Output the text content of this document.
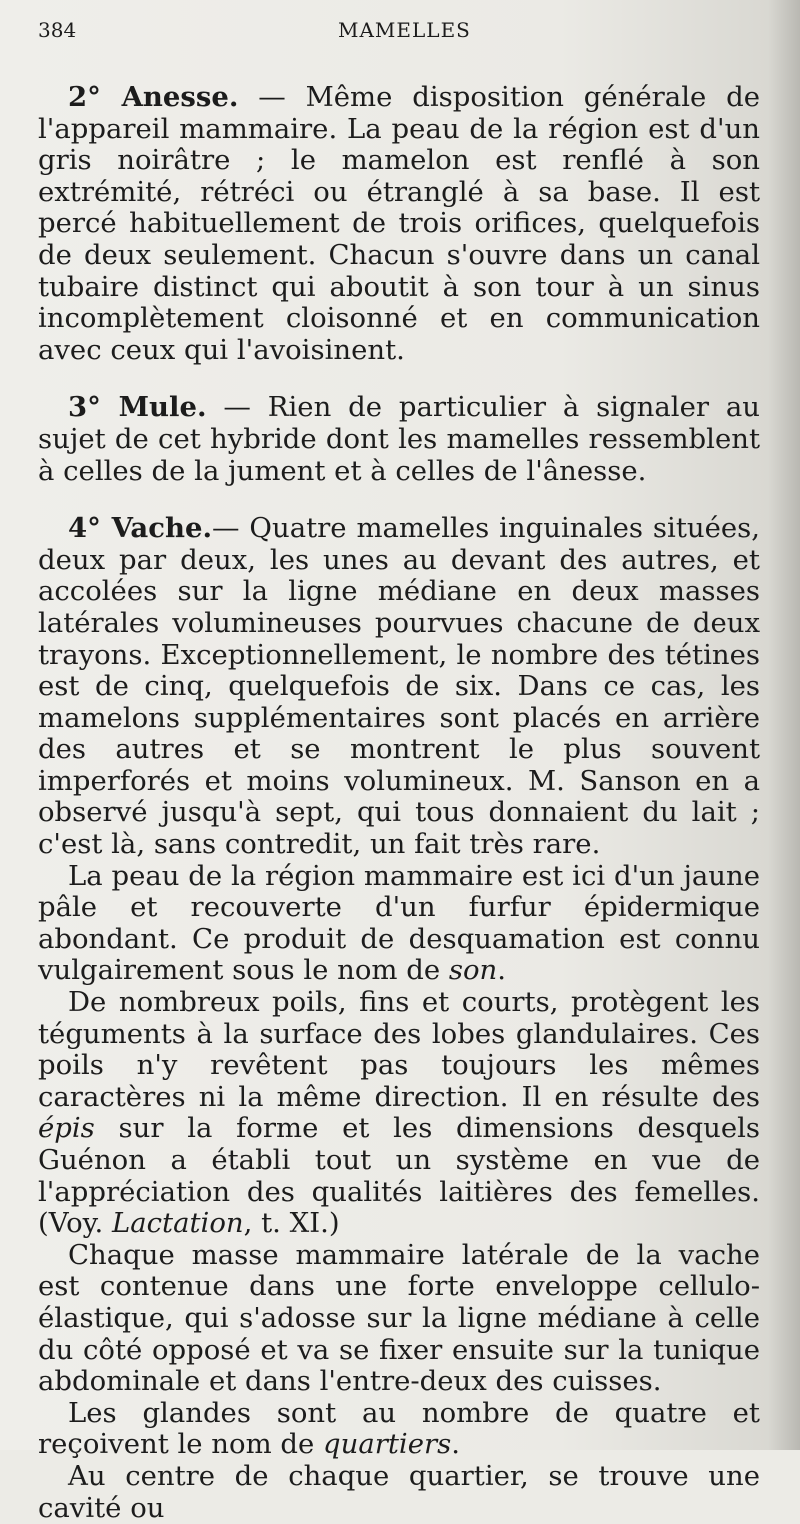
384	MAMELLES

2° Anesse. — Même disposition générale de l'appareil mammaire. La peau de la région est d'un gris noirâtre ; le mamelon est renflé à son extrémité, rétréci ou étranglé à sa base. Il est percé habituellement de trois orifices, quelquefois de deux seulement. Chacun s'ouvre dans un canal tubaire distinct qui aboutit à son tour à un sinus incomplètement cloisonné et en communication avec ceux qui l'avoisinent.

3° Mule. — Rien de particulier à signaler au sujet de cet hybride dont les mamelles ressemblent à celles de la jument et à celles de l'ânesse.

4° Vache.— Quatre mamelles inguinales situées, deux par deux, les unes au devant des autres, et accolées sur la ligne médiane en deux masses latérales volumineuses pourvues chacune de deux trayons. Exceptionnellement, le nombre des tétines est de cinq, quelquefois de six. Dans ce cas, les mamelons supplémentaires sont placés en arrière des autres et se montrent le plus souvent imperforés et moins volumineux. M. Sanson en a observé jusqu'à sept, qui tous donnaient du lait ; c'est là, sans contredit, un fait très rare.

La peau de la région mammaire est ici d'un jaune pâle et recouverte d'un furfur épidermique abondant. Ce produit de desquamation est connu vulgairement sous le nom de son.

De nombreux poils, fins et courts, protègent les téguments à la surface des lobes glandulaires. Ces poils n'y revêtent pas toujours les mêmes caractères ni la même direction. Il en résulte des épis sur la forme et les dimensions desquels Guénon a établi tout un système en vue de l'appréciation des qualités laitières des femelles. (Voy. Lactation, t. XI.)

Chaque masse mammaire latérale de la vache est contenue dans une forte enveloppe cellulo-élastique, qui s'adosse sur la ligne médiane à celle du côté opposé et va se fixer ensuite sur la tunique abdominale et dans l'entre-deux des cuisses.

Les glandes sont au nombre de quatre et reçoivent le nom de quartiers.

Au centre de chaque quartier, se trouve une cavité ou
